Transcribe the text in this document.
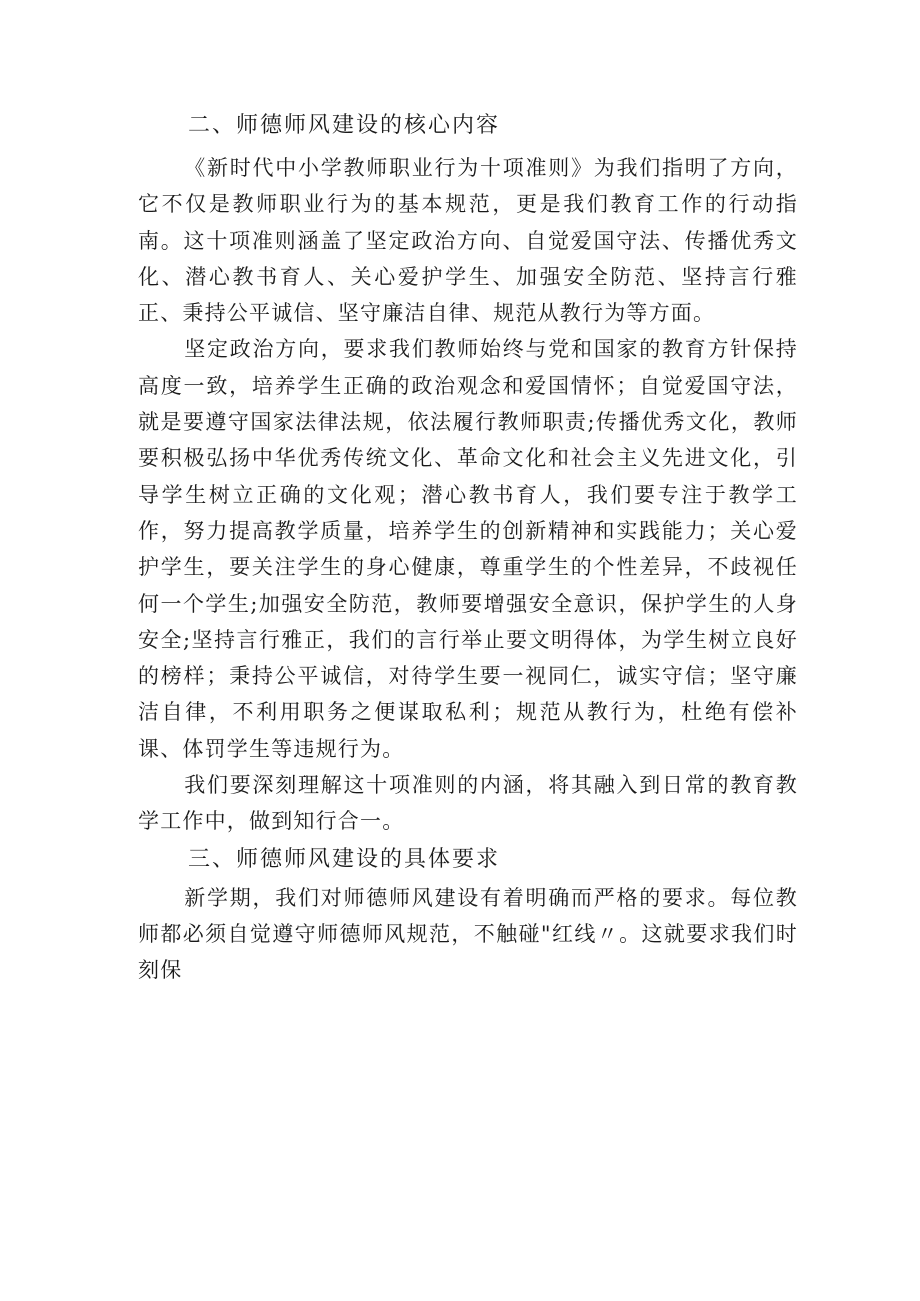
二、师德师风建设的核心内容

《新时代中小学教师职业行为十项准则》为我们指明了方向，它不仅是教师职业行为的基本规范，更是我们教育工作的行动指南。这十项准则涵盖了坚定政治方向、自觉爱国守法、传播优秀文化、潜心教书育人、关心爱护学生、加强安全防范、坚持言行雅正、秉持公平诚信、坚守廉洁自律、规范从教行为等方面。

坚定政治方向，要求我们教师始终与党和国家的教育方针保持高度一致，培养学生正确的政治观念和爱国情怀；自觉爱国守法，就是要遵守国家法律法规，依法履行教师职责;传播优秀文化，教师要积极弘扬中华优秀传统文化、革命文化和社会主义先进文化，引导学生树立正确的文化观；潜心教书育人，我们要专注于教学工作，努力提高教学质量，培养学生的创新精神和实践能力；关心爱护学生，要关注学生的身心健康，尊重学生的个性差异，不歧视任何一个学生;加强安全防范，教师要增强安全意识，保护学生的人身安全;坚持言行雅正，我们的言行举止要文明得体，为学生树立良好的榜样；秉持公平诚信，对待学生要一视同仁，诚实守信；坚守廉洁自律，不利用职务之便谋取私利；规范从教行为，杜绝有偿补课、体罚学生等违规行为。

我们要深刻理解这十项准则的内涵，将其融入到日常的教育教学工作中，做到知行合一。

三、师德师风建设的具体要求

新学期，我们对师德师风建设有着明确而严格的要求。每位教师都必须自觉遵守师德师风规范，不触碰"红线〃。这就要求我们时刻保
